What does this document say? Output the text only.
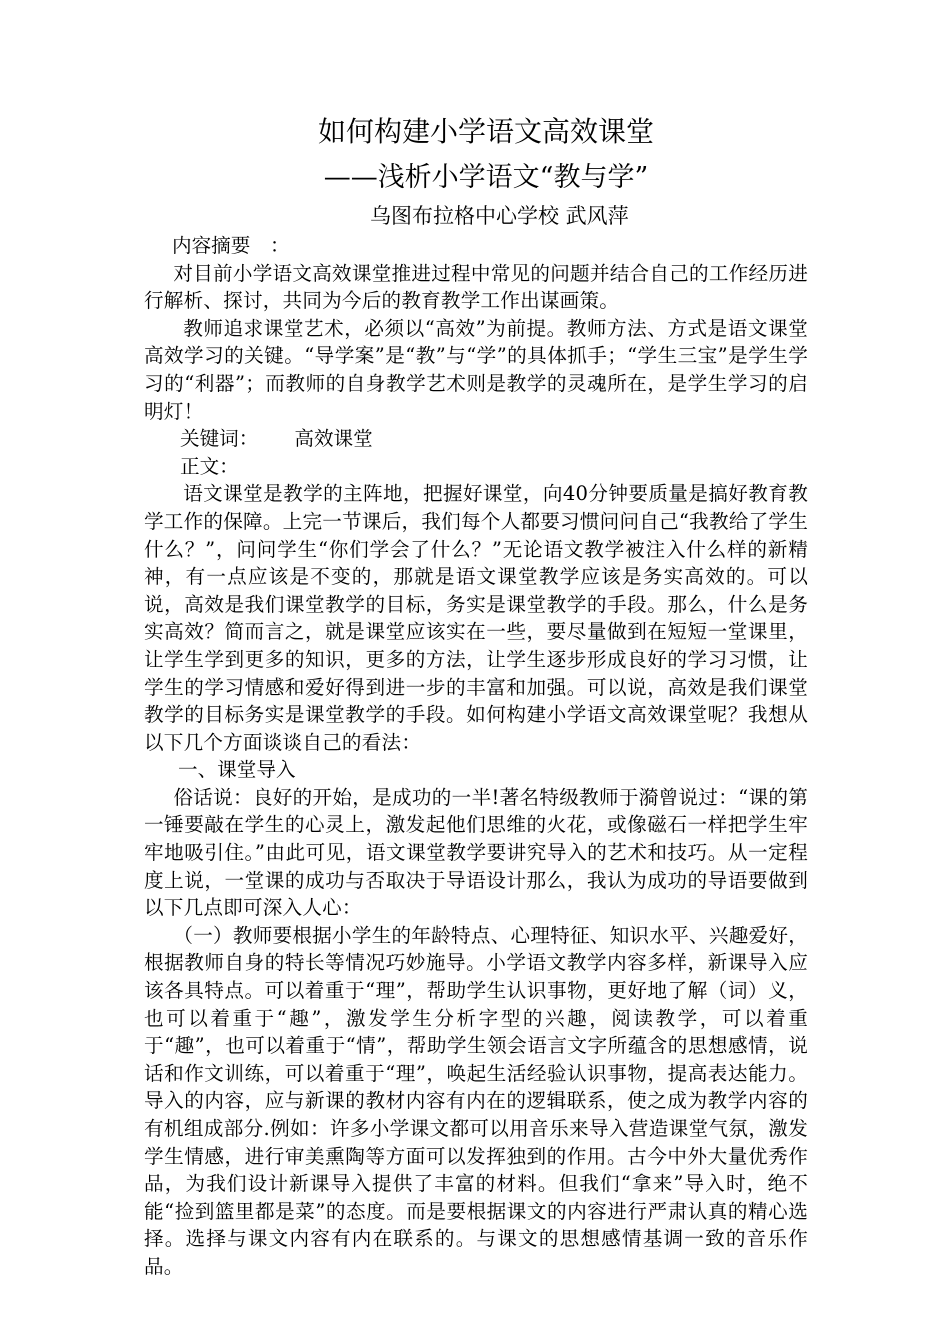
如何构建小学语文高效课堂
——浅析小学语文“教与学”
乌图布拉格中心学校 武风萍
内容摘要　：

对目前小学语文高效课堂推进过程中常见的问题并结合自己的工作经历进行解析、探讨，共同为今后的教育教学工作出谋画策。

教师追求课堂艺术，必须以“高效”为前提。教师方法、方式是语文课堂高效学习的关键。“导学案”是“教”与“学”的具体抓手；“学生三宝”是学生学习的“利器”；而教师的自身教学艺术则是教学的灵魂所在，是学生学习的启明灯！

关键词： 高效课堂
正文：

语文课堂是教学的主阵地，把握好课堂，向40分钟要质量是搞好教育教学工作的保障。上完一节课后，我们每个人都要习惯问问自己“我教给了学生什么？”，问问学生“你们学会了什么？”无论语文教学被注入什么样的新精神，有一点应该是不变的，那就是语文课堂教学应该是务实高效的。可以说，高效是我们课堂教学的目标，务实是课堂教学的手段。那么，什么是务实高效？简而言之，就是课堂应该实在一些，要尽量做到在短短一堂课里，让学生学到更多的知识，更多的方法，让学生逐步形成良好的学习习惯，让学生的学习情感和爱好得到进一步的丰富和加强。可以说，高效是我们课堂教学的目标务实是课堂教学的手段。如何构建小学语文高效课堂呢？我想从以下几个方面谈谈自己的看法：

一、课堂导入

俗话说：良好的开始，是成功的一半!著名特级教师于漪曾说过：“课的第一锤要敲在学生的心灵上，激发起他们思维的火花，或像磁石一样把学生牢牢地吸引住。”由此可见，语文课堂教学要讲究导入的艺术和技巧。从一定程度上说，一堂课的成功与否取决于导语设计那么，我认为成功的导语要做到以下几点即可深入人心：

（一）教师要根据小学生的年龄特点、心理特征、知识水平、兴趣爱好，根据教师自身的特长等情况巧妙施导。小学语文教学内容多样，新课导入应该各具特点。可以着重于“理”，帮助学生认识事物，更好地了解（词）义，也可以着重于“趣”，激发学生分析字型的兴趣，阅读教学，可以着重于“趣”，也可以着重于“情”，帮助学生领会语言文字所蕴含的思想感情，说话和作文训练，可以着重于“理”，唤起生活经验认识事物，提高表达能力。导入的内容，应与新课的教材内容有内在的逻辑联系，使之成为教学内容的有机组成部分.例如：许多小学课文都可以用音乐来导入营造课堂气氛，激发学生情感，进行审美熏陶等方面可以发挥独到的作用。古今中外大量优秀作品，为我们设计新课导入提供了丰富的材料。但我们“拿来”导入时，绝不能“捡到篮里都是菜”的态度。而是要根据课文的内容进行严肃认真的精心选择。选择与课文内容有内在联系的。与课文的思想感情基调一致的音乐作品。
